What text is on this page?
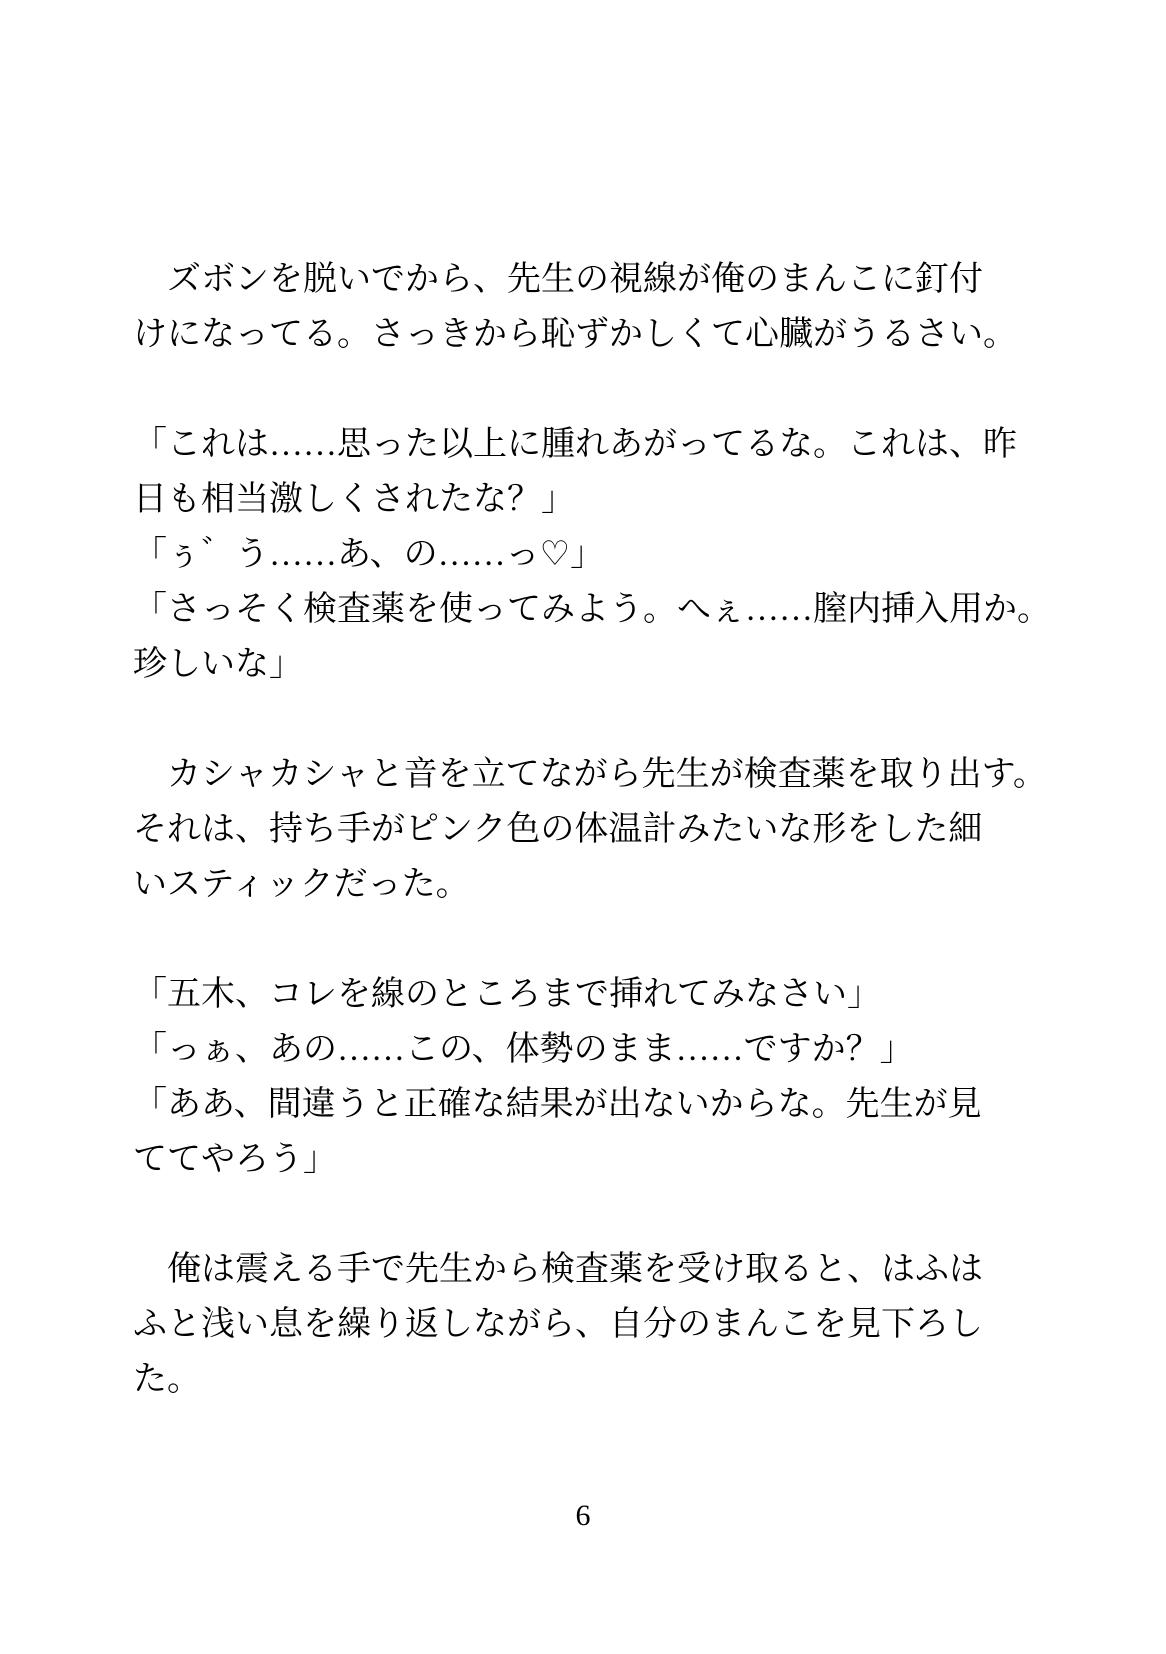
　ズボンを脱いでから、先生の視線が俺のまんこに釘付
けになってる。さっきから恥ずかしくて心臓がうるさい。
「これは……思った以上に腫れあがってるな。これは、昨
日も相当激しくされたな？」
「ぅ゛う……あ、の……っ♡」
「さっそく検査薬を使ってみよう。へぇ……膣内挿入用か。
珍しいな」
　カシャカシャと音を立てながら先生が検査薬を取り出す。
それは、持ち手がピンク色の体温計みたいな形をした細
いスティックだった。
「五木、コレを線のところまで挿れてみなさい」
「っぁ、あの……この、体勢のまま……ですか？」
「ああ、間違うと正確な結果が出ないからな。先生が見
ててやろう」
　俺は震える手で先生から検査薬を受け取ると、はふは
ふと浅い息を繰り返しながら、自分のまんこを見下ろし
た。
6
